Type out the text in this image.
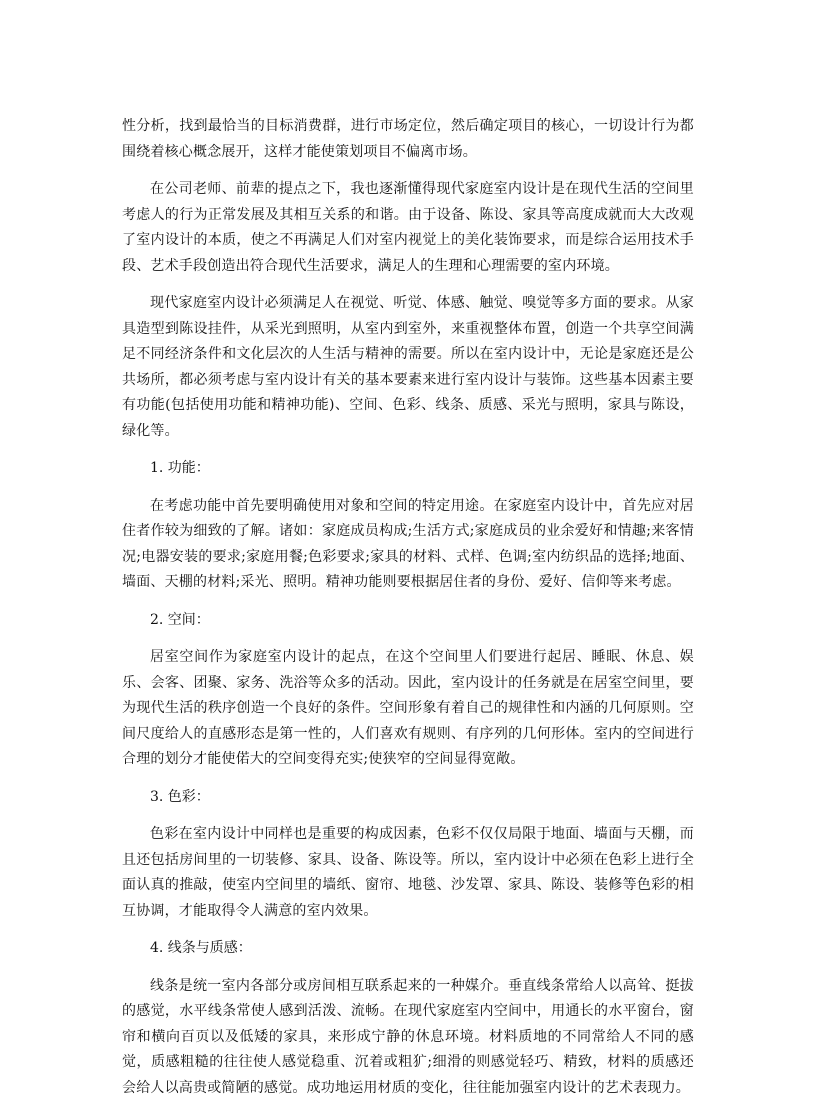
性分析，找到最恰当的目标消费群，进行市场定位，然后确定项目的核心，一切设计行为都围绕着核心概念展开，这样才能使策划项目不偏离市场。

在公司老师、前辈的提点之下，我也逐渐懂得现代家庭室内设计是在现代生活的空间里考虑人的行为正常发展及其相互关系的和谐。由于设备、陈设、家具等高度成就而大大改观了室内设计的本质，使之不再满足人们对室内视觉上的美化装饰要求，而是综合运用技术手段、艺术手段创造出符合现代生活要求，满足人的生理和心理需要的室内环境。

现代家庭室内设计必须满足人在视觉、听觉、体感、触觉、嗅觉等多方面的要求。从家具造型到陈设挂件，从采光到照明，从室内到室外，来重视整体布置，创造一个共享空间满足不同经济条件和文化层次的人生活与精神的需要。所以在室内设计中，无论是家庭还是公共场所，都必须考虑与室内设计有关的基本要素来进行室内设计与装饰。这些基本因素主要有功能(包括使用功能和精神功能)、空间、色彩、线条、质感、采光与照明，家具与陈设，绿化等。

1. 功能：

在考虑功能中首先要明确使用对象和空间的特定用途。在家庭室内设计中，首先应对居住者作较为细致的了解。诸如：家庭成员构成;生活方式;家庭成员的业余爱好和情趣;来客情况;电器安装的要求;家庭用餐;色彩要求;家具的材料、式样、色调;室内纺织品的选择;地面、墙面、天棚的材料;采光、照明。精神功能则要根据居住者的身份、爱好、信仰等来考虑。

2. 空间：

居室空间作为家庭室内设计的起点，在这个空间里人们要进行起居、睡眠、休息、娱乐、会客、团聚、家务、洗浴等众多的活动。因此，室内设计的任务就是在居室空间里，要为现代生活的秩序创造一个良好的条件。空间形象有着自己的规律性和内涵的几何原则。空间尺度给人的直感形态是第一性的，人们喜欢有规则、有序列的几何形体。室内的空间进行合理的划分才能使偌大的空间变得充实;使狭窄的空间显得宽敞。

3. 色彩：

色彩在室内设计中同样也是重要的构成因素，色彩不仅仅局限于地面、墙面与天棚，而且还包括房间里的一切装修、家具、设备、陈设等。所以，室内设计中必须在色彩上进行全面认真的推敲，使室内空间里的墙纸、窗帘、地毯、沙发罩、家具、陈设、装修等色彩的相互协调，才能取得令人满意的室内效果。

4. 线条与质感：

线条是统一室内各部分或房间相互联系起来的一种媒介。垂直线条常给人以高耸、挺拔的感觉，水平线条常使人感到活泼、流畅。在现代家庭室内空间中，用通长的水平窗台，窗帘和横向百页以及低矮的家具，来形成宁静的休息环境。材料质地的不同常给人不同的感觉，质感粗糙的往往使人感觉稳重、沉着或粗犷;细滑的则感觉轻巧、精致，材料的质感还会给人以高贵或简陋的感觉。成功地运用材质的变化，往往能加强室内设计的艺术表现力。
